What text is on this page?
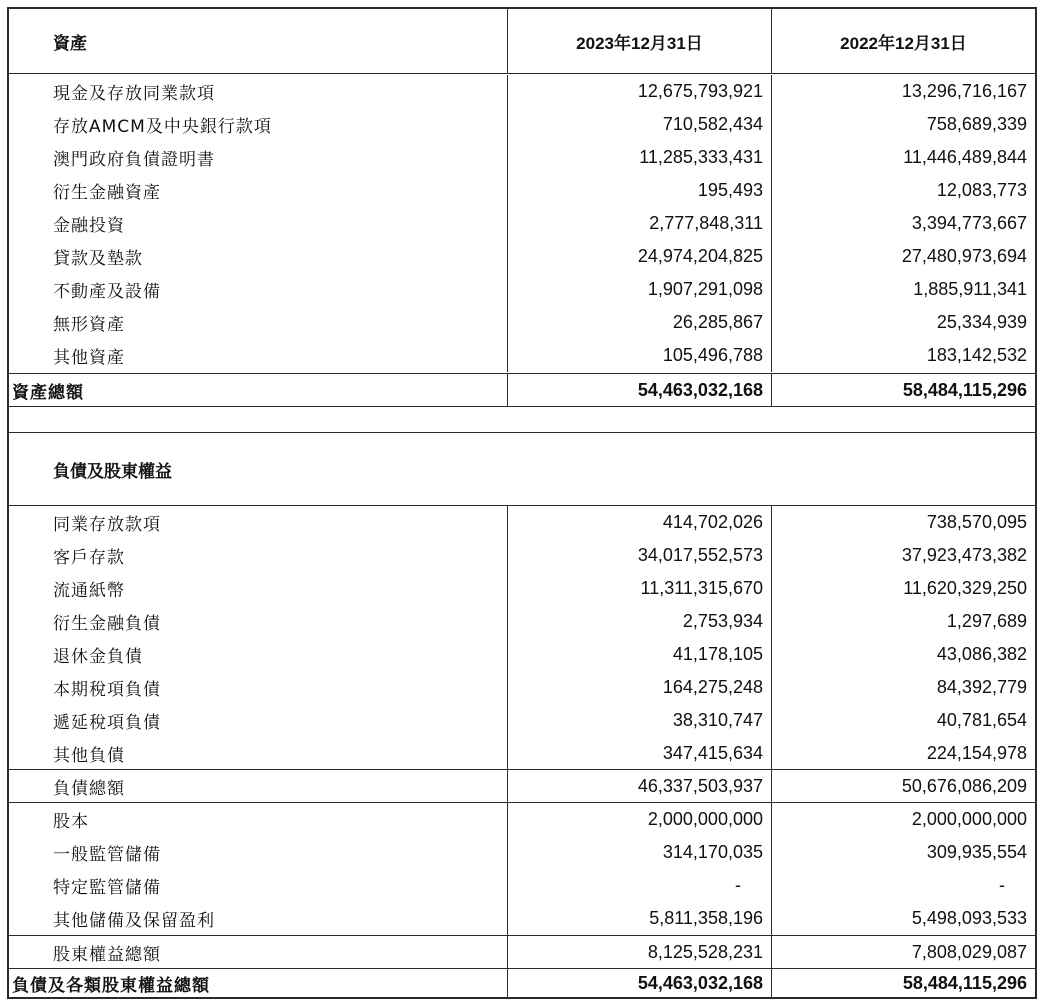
資產	2023年12月31日	2022年12月31日
現金及存放同業款項	12,675,793,921	13,296,716,167
存放AMCM及中央銀行款項	710,582,434	758,689,339
澳門政府負債證明書	11,285,333,431	11,446,489,844
衍生金融資產	195,493	12,083,773
金融投資	2,777,848,311	3,394,773,667
貸款及墊款	24,974,204,825	27,480,973,694
不動產及設備	1,907,291,098	1,885,911,341
無形資產	26,285,867	25,334,939
其他資產	105,496,788	183,142,532
資產總額	54,463,032,168	58,484,115,296
負債及股東權益
同業存放款項	414,702,026	738,570,095
客戶存款	34,017,552,573	37,923,473,382
流通紙幣	11,311,315,670	11,620,329,250
衍生金融負債	2,753,934	1,297,689
退休金負債	41,178,105	43,086,382
本期稅項負債	164,275,248	84,392,779
遞延稅項負債	38,310,747	40,781,654
其他負債	347,415,634	224,154,978
負債總額	46,337,503,937	50,676,086,209
股本	2,000,000,000	2,000,000,000
一般監管儲備	314,170,035	309,935,554
特定監管儲備	-	-
其他儲備及保留盈利	5,811,358,196	5,498,093,533
股東權益總額	8,125,528,231	7,808,029,087
負債及各類股東權益總額	54,463,032,168	58,484,115,296
